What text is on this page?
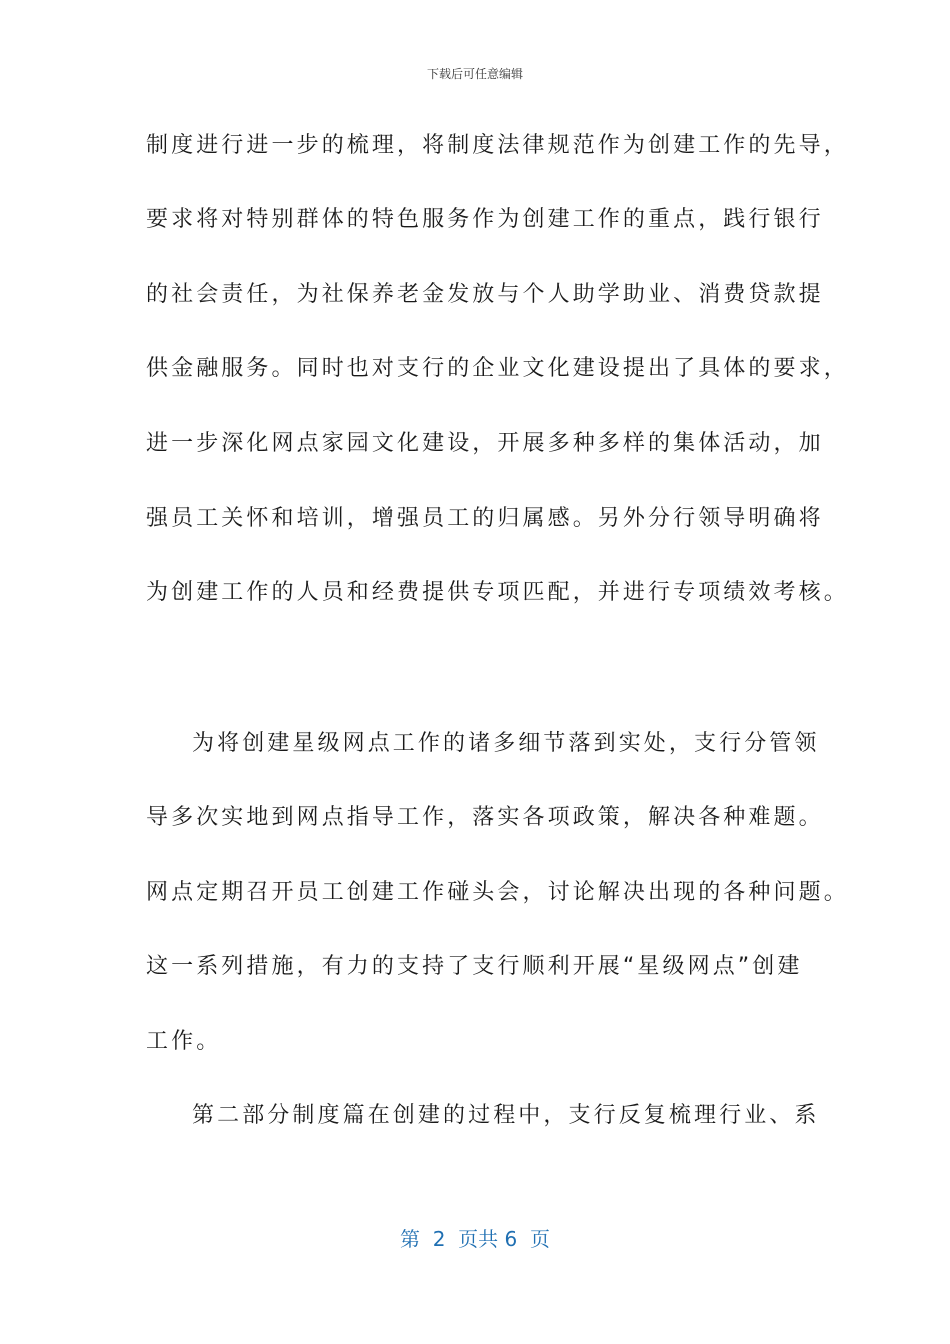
下载后可任意编辑
制度进行进一步的梳理，将制度法律规范作为创建工作的先导，
要求将对特别群体的特色服务作为创建工作的重点，践行银行
的社会责任，为社保养老金发放与个人助学助业、消费贷款提
供金融服务。同时也对支行的企业文化建设提出了具体的要求，
进一步深化网点家园文化建设，开展多种多样的集体活动，加
强员工关怀和培训，增强员工的归属感。另外分行领导明确将
为创建工作的人员和经费提供专项匹配，并进行专项绩效考核。
为将创建星级网点工作的诸多细节落到实处，支行分管领
导多次实地到网点指导工作，落实各项政策，解决各种难题。
网点定期召开员工创建工作碰头会，讨论解决出现的各种问题。
这一系列措施，有力的支持了支行顺利开展“星级网点”创建
工作。
第二部分制度篇在创建的过程中，支行反复梳理行业、系
第  2  页共 6  页
